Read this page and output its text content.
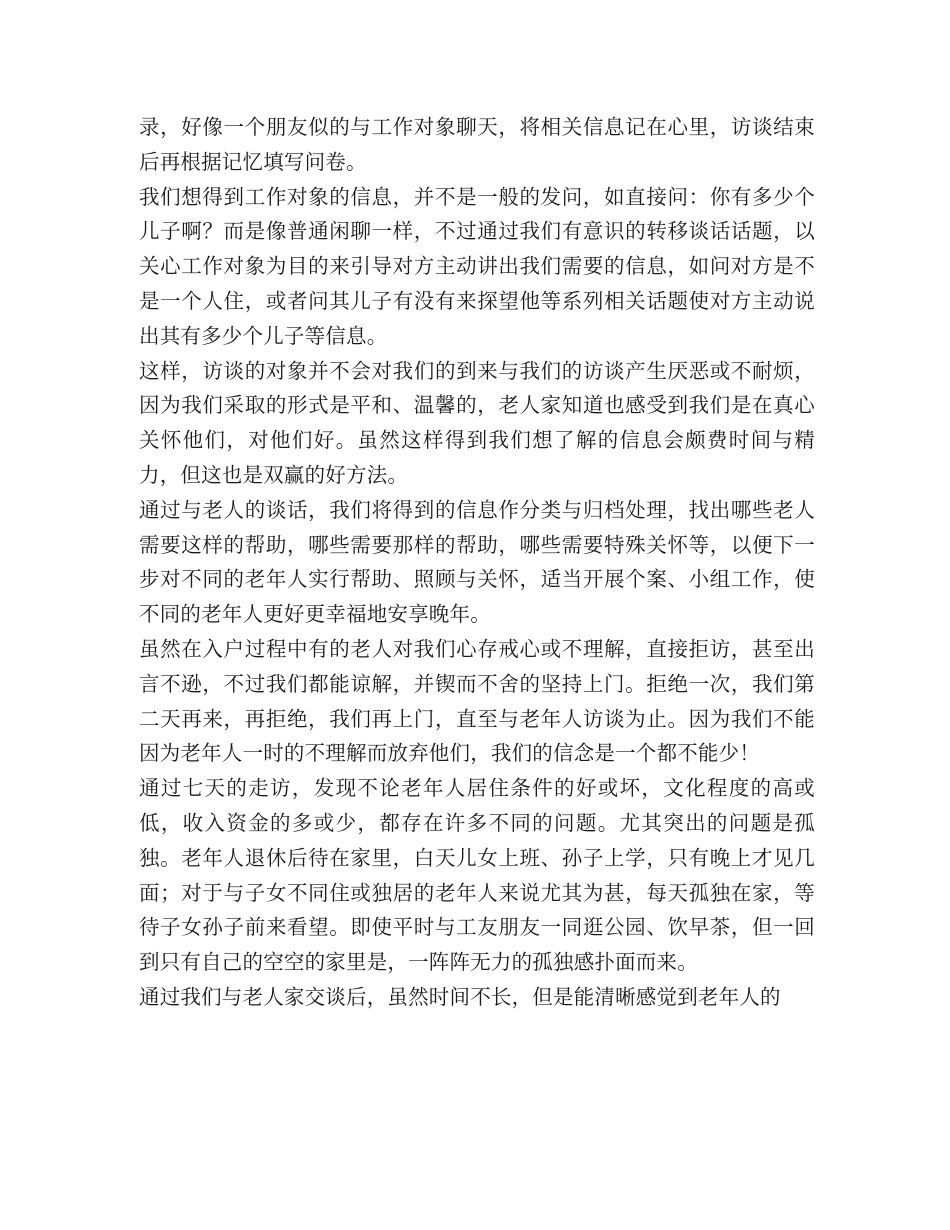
录，好像一个朋友似的与工作对象聊天，将相关信息记在心里，访谈结束后再根据记忆填写问卷。

我们想得到工作对象的信息，并不是一般的发问，如直接问：你有多少个儿子啊？而是像普通闲聊一样，不过通过我们有意识的转移谈话话题，以关心工作对象为目的来引导对方主动讲出我们需要的信息，如问对方是不是一个人住，或者问其儿子有没有来探望他等系列相关话题使对方主动说出其有多少个儿子等信息。

这样，访谈的对象并不会对我们的到来与我们的访谈产生厌恶或不耐烦，因为我们采取的形式是平和、温馨的，老人家知道也感受到我们是在真心关怀他们，对他们好。虽然这样得到我们想了解的信息会颇费时间与精力，但这也是双赢的好方法。

通过与老人的谈话，我们将得到的信息作分类与归档处理，找出哪些老人需要这样的帮助，哪些需要那样的帮助，哪些需要特殊关怀等，以便下一步对不同的老年人实行帮助、照顾与关怀，适当开展个案、小组工作，使不同的老年人更好更幸福地安享晚年。

虽然在入户过程中有的老人对我们心存戒心或不理解，直接拒访，甚至出言不逊，不过我们都能谅解，并锲而不舍的坚持上门。拒绝一次，我们第二天再来，再拒绝，我们再上门，直至与老年人访谈为止。因为我们不能因为老年人一时的不理解而放弃他们，我们的信念是一个都不能少！

通过七天的走访，发现不论老年人居住条件的好或坏，文化程度的高或低，收入资金的多或少，都存在许多不同的问题。尤其突出的问题是孤独。老年人退休后待在家里，白天儿女上班、孙子上学，只有晚上才见几面；对于与子女不同住或独居的老年人来说尤其为甚，每天孤独在家，等待子女孙子前来看望。即使平时与工友朋友一同逛公园、饮早茶，但一回到只有自己的空空的家里是，一阵阵无力的孤独感扑面而来。

通过我们与老人家交谈后，虽然时间不长，但是能清晰感觉到老年人的
